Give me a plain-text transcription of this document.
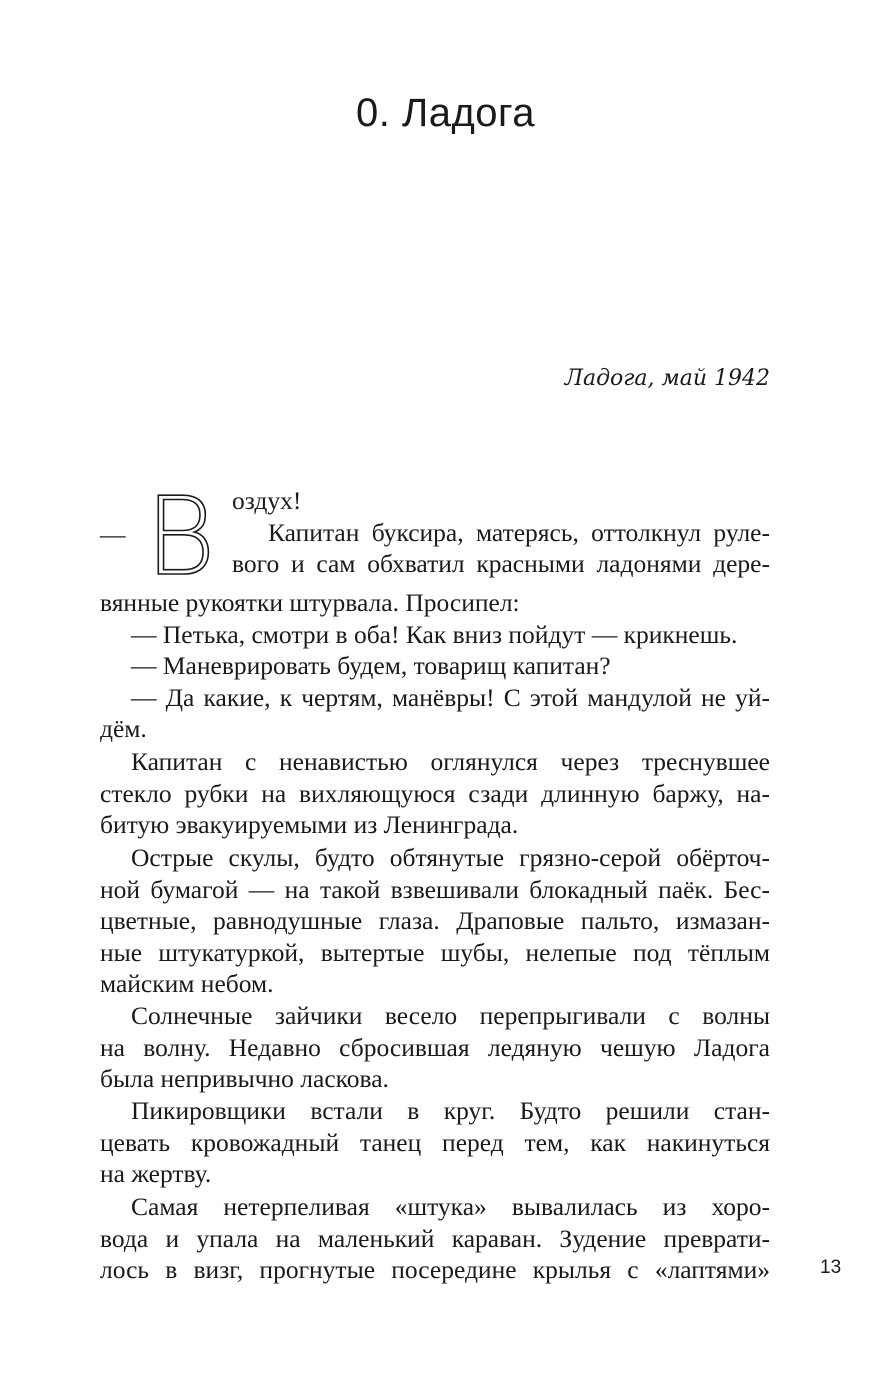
0. Ладога
Ладога, май 1942
— В оздух!
Капитан буксира, матерясь, оттолкнул руле-
вого и сам обхватил красными ладонями дере-
вянные рукоятки штурвала. Просипел:
— Петька, смотри в оба! Как вниз пойдут — крикнешь.
— Маневрировать будем, товарищ капитан?
— Да какие, к чертям, манёвры! С этой мандулой не уй-
дём.
Капитан с ненавистью оглянулся через треснувшее
стекло рубки на вихляющуюся сзади длинную баржу, на-
битую эвакуируемыми из Ленинграда.
Острые скулы, будто обтянутые грязно-серой обёрточ-
ной бумагой — на такой взвешивали блокадный паёк. Бес-
цветные, равнодушные глаза. Драповые пальто, измазан-
ные штукатуркой, вытертые шубы, нелепые под тёплым
майским небом.
Солнечные зайчики весело перепрыгивали с волны
на волну. Недавно сбросившая ледяную чешую Ладога
была непривычно ласкова.
Пикировщики встали в круг. Будто решили стан-
цевать кровожадный танец перед тем, как накинуться
на жертву.
Самая нетерпеливая «штука» вывалилась из хоро-
вода и упала на маленький караван. Зудение преврати-
лось в визг, прогнутые посередине крылья с «лаптями»	13
